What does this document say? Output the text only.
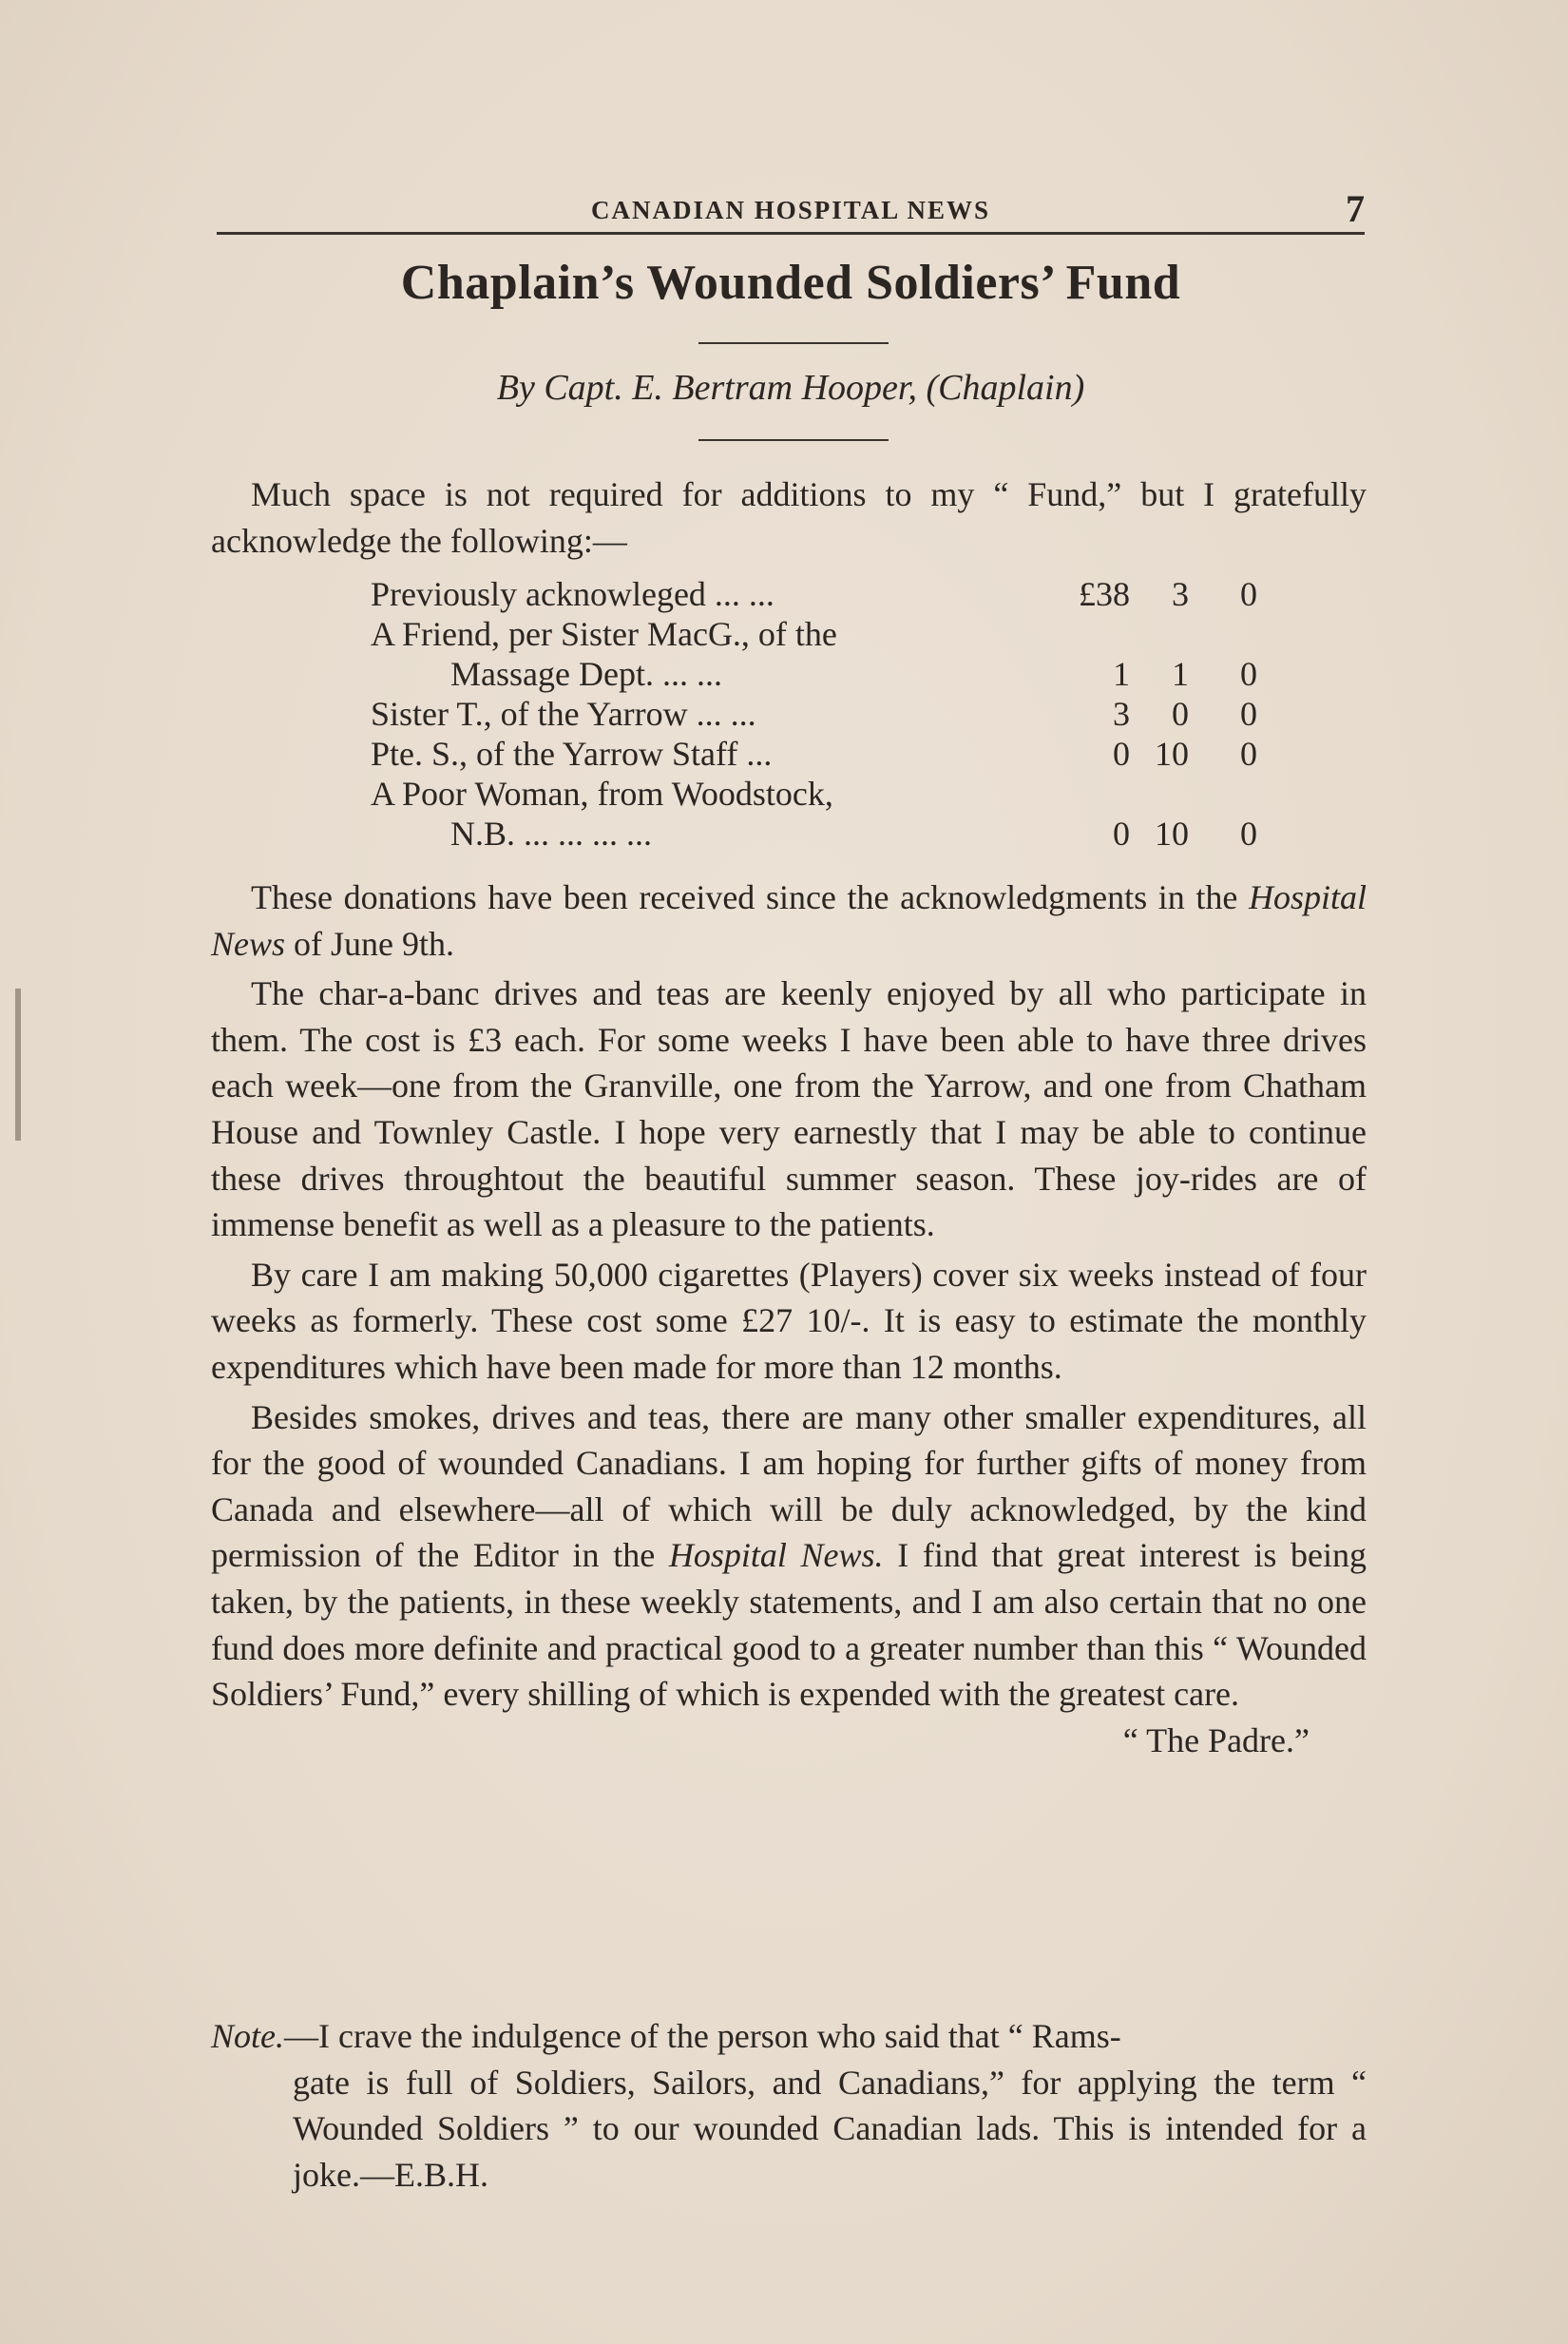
CANADIAN HOSPITAL NEWS	7
Chaplain’s Wounded Soldiers’ Fund
By Capt. E. Bertram Hooper, (Chaplain)

Much space is not required for additions to my “ Fund,” but I gratefully acknowledge the following:—

Previously acknowleged ... ...	£38	3	0
A Friend, per Sister MacG., of the			
Massage Dept. ... ...	1	1	0
Sister T., of the Yarrow ... ...	3	0	0
Pte. S., of the Yarrow Staff ...	0	10	0
A Poor Woman, from Woodstock,			
N.B. ... ... ... ...	0	10	0

These donations have been received since the acknowledgments in the Hospital News of June 9th.

The char-a-banc drives and teas are keenly enjoyed by all who participate in them. The cost is £3 each. For some weeks I have been able to have three drives each week—one from the Granville, one from the Yarrow, and one from Chatham House and Townley Castle. I hope very earnestly that I may be able to continue these drives throughtout the beautiful summer season. These joy-rides are of immense benefit as well as a pleasure to the patients.

By care I am making 50,000 cigarettes (Players) cover six weeks instead of four weeks as formerly. These cost some £27 10/-. It is easy to estimate the monthly expenditures which have been made for more than 12 months.

Besides smokes, drives and teas, there are many other smaller expenditures, all for the good of wounded Canadians. I am hoping for further gifts of money from Canada and elsewhere—all of which will be duly acknowledged, by the kind permission of the Editor in the Hospital News. I find that great interest is being taken, by the patients, in these weekly statements, and I am also certain that no one fund does more definite and practical good to a greater number than this “ Wounded Soldiers’ Fund,” every shilling of which is expended with the greatest care.

“ The Padre.”
Note.—I crave the indulgence of the person who said that “ Rams-
gate is full of Soldiers, Sailors, and Canadians,” for applying the term “ Wounded Soldiers ” to our wounded Canadian lads. This is intended for a joke.—E.B.H.
